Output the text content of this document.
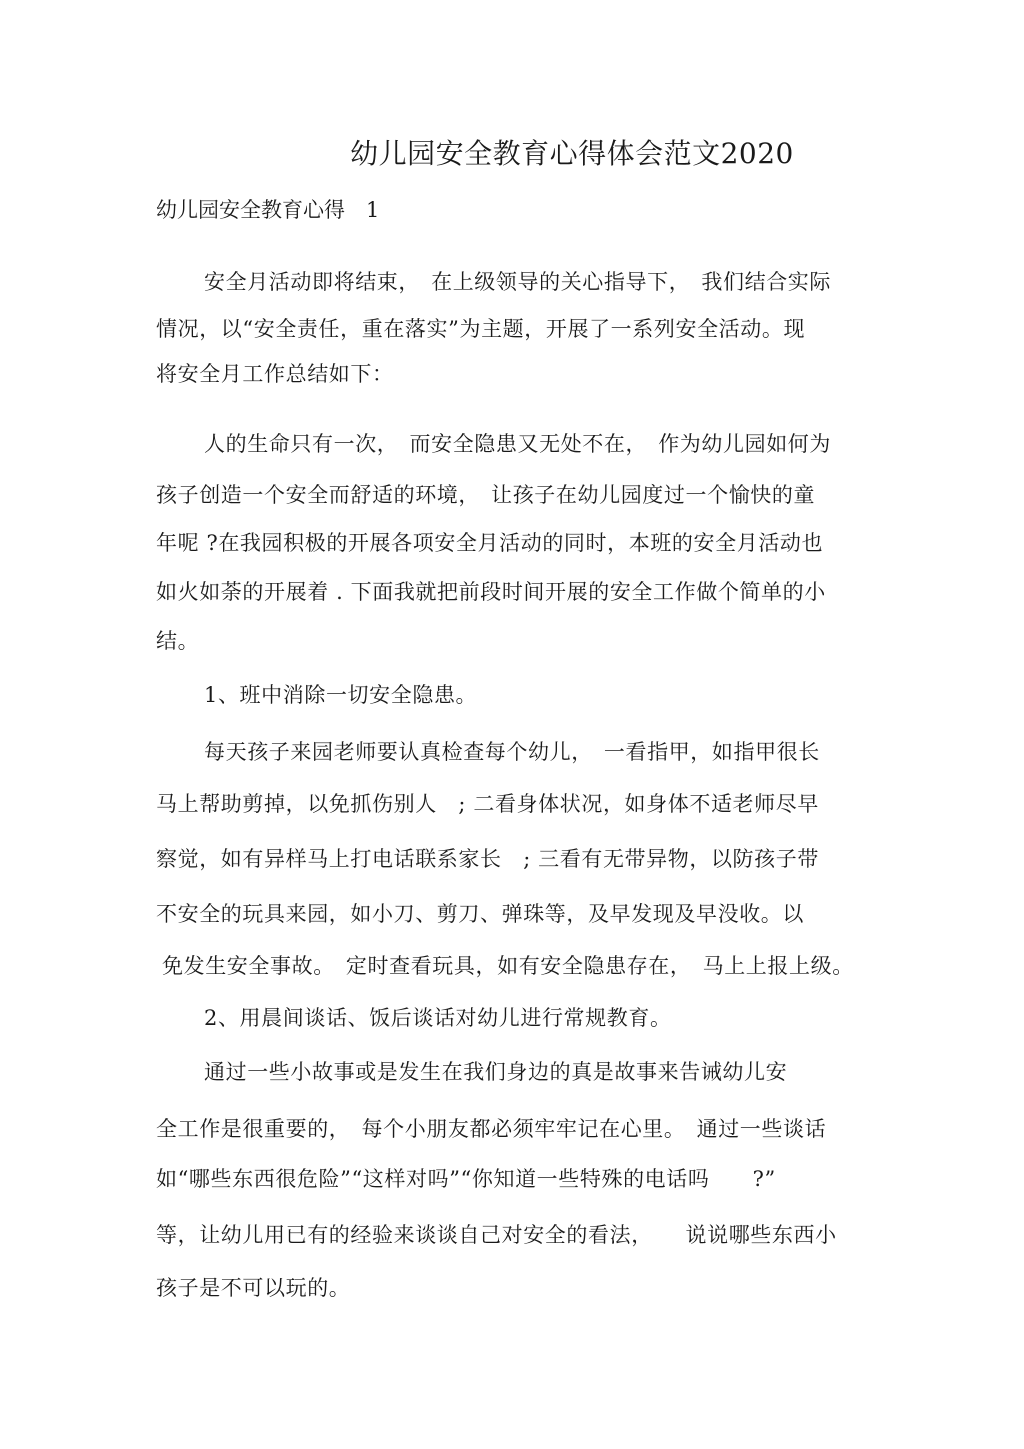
幼儿园安全教育心得体会范文2020
幼儿园安全教育心得　1
安全月活动即将结束，　在上级领导的关心指导下，　我们结合实际
情况，以“安全责任，重在落实”为主题，开展了一系列安全活动。现
将安全月工作总结如下：
人的生命只有一次，　而安全隐患又无处不在，　作为幼儿园如何为
孩子创造一个安全而舒适的环境，　让孩子在幼儿园度过一个愉快的童
年呢 ?在我园积极的开展各项安全月活动的同时，本班的安全月活动也
如火如荼的开展着 . 下面我就把前段时间开展的安全工作做个简单的小
结。
1、班中消除一切安全隐患。
每天孩子来园老师要认真检查每个幼儿，　一看指甲，如指甲很长
马上帮助剪掉，以免抓伤别人　; 二看身体状况，如身体不适老师尽早
察觉，如有异样马上打电话联系家长　; 三看有无带异物，以防孩子带
不安全的玩具来园，如小刀、剪刀、弹珠等，及早发现及早没收。以
免发生安全事故。　定时查看玩具，如有安全隐患存在，　马上上报上级。
2、用晨间谈话、饭后谈话对幼儿进行常规教育。
通过一些小故事或是发生在我们身边的真是故事来告诫幼儿安
全工作是很重要的，　每个小朋友都必须牢牢记在心里。　通过一些谈话
如“哪些东西很危险”“这样对吗”“你知道一些特殊的电话吗　　?”
等，让幼儿用已有的经验来谈谈自己对安全的看法，　　说说哪些东西小
孩子是不可以玩的。
